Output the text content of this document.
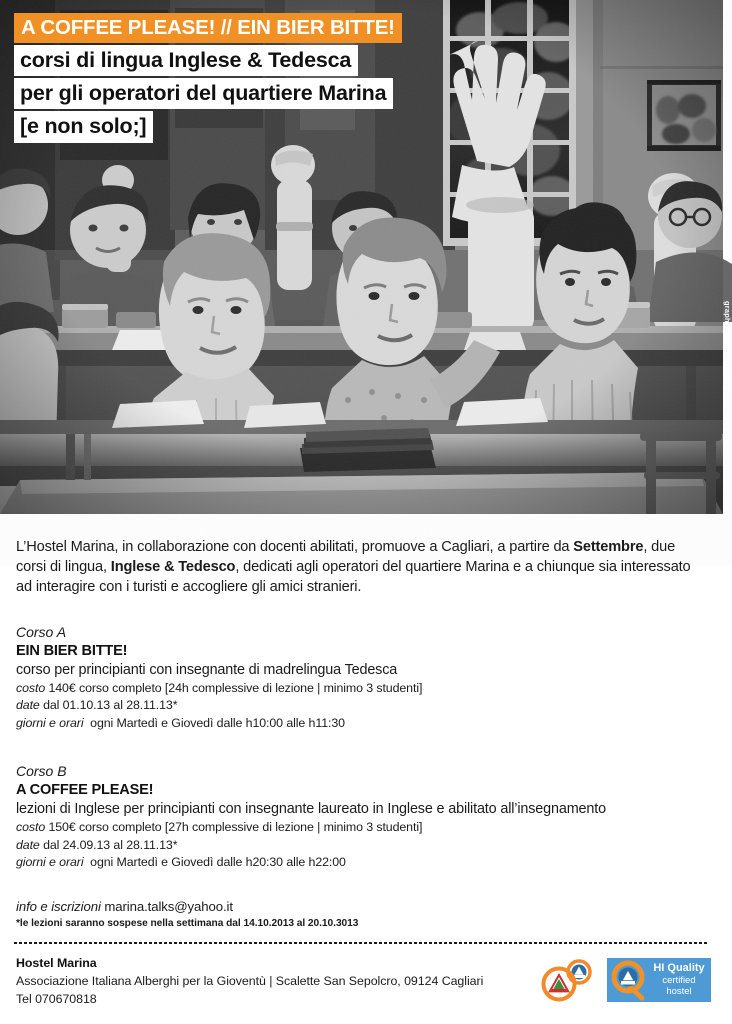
graphics www.su-boat.it
A COFFEE PLEASE! // EIN BIER BITTE!
corsi di lingua Inglese & Tedesca
per gli operatori del quartiere Marina
[e non solo;]

L’Hostel Marina, in collaborazione con docenti abilitati, promuove a Cagliari, a partire da Settembre, due corsi di lingua, Inglese & Tedesco, dedicati agli operatori del quartiere Marina e a chiunque sia interessato ad interagire con i turisti e accogliere gli amici stranieri.

Corso A
EIN BIER BITTE!
corso per principianti con insegnante di madrelingua Tedesca
costo 140€ corso completo [24h complessive di lezione | minimo 3 studenti]
date dal 01.10.13 al 28.11.13*
giorni e orari ogni Martedì e Giovedì dalle h10:00 alle h11:30
Corso B
A COFFEE PLEASE!
lezioni di Inglese per principianti con insegnante laureato in Inglese e abilitato all’insegnamento
costo 150€ corso completo [27h complessive di lezione | minimo 3 studenti]
date dal 24.09.13 al 28.11.13*
giorni e orari ogni Martedì e Giovedì dalle h20:30 alle h22:00
info e iscrizioni marina.talks@yahoo.it
*le lezioni saranno sospese nella settimana dal 14.10.2013 al 20.10.3013
Hostel Marina
Associazione Italiana Alberghi per la Gioventù | Scalette San Sepolcro, 09124 Cagliari
Tel 070670818
HI Quality
certified
hostel
